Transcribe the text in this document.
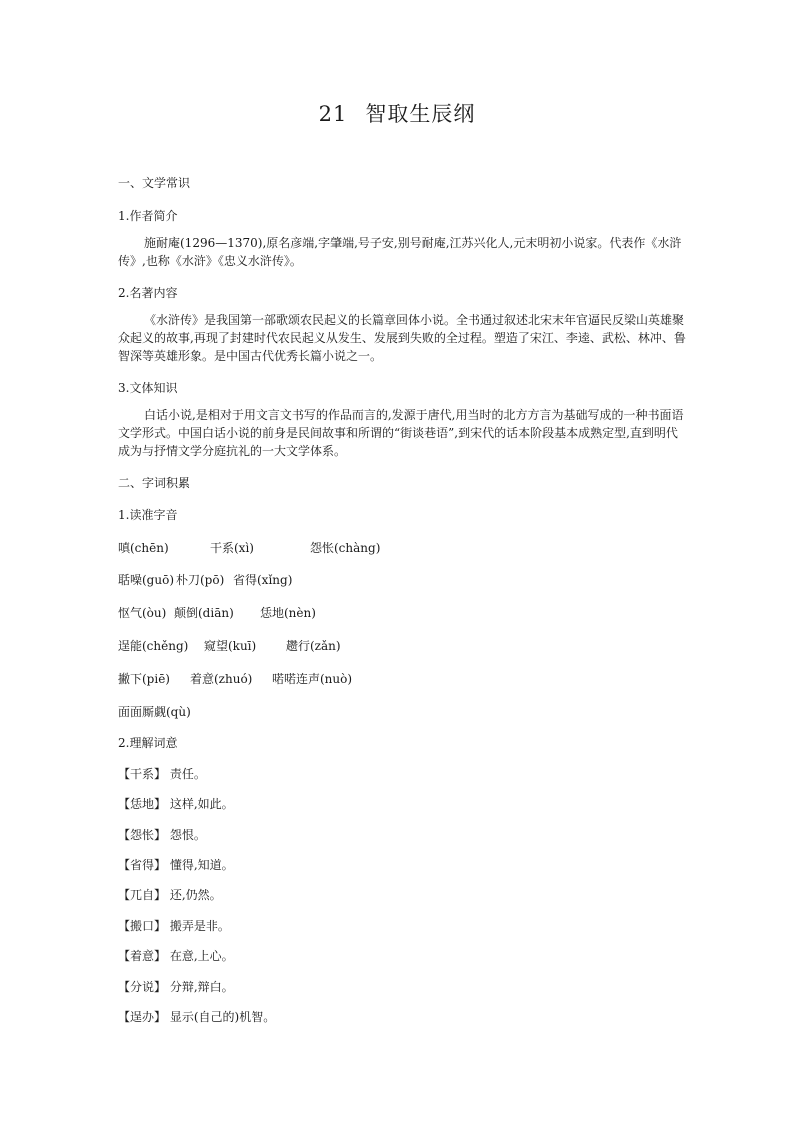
21 智取生辰纲
一、文学常识
1.作者简介
施耐庵(1296—1370),原名彦端,字肇端,号子安,别号耐庵,江苏兴化人,元末明初小说家。代表作《水浒传》,也称《水浒》《忠义水浒传》。
2.名著内容
《水浒传》是我国第一部歌颂农民起义的长篇章回体小说。全书通过叙述北宋末年官逼民反梁山英雄聚众起义的故事,再现了封建时代农民起义从发生、发展到失败的全过程。塑造了宋江、李逵、武松、林冲、鲁智深等英雄形象。是中国古代优秀长篇小说之一。
3.文体知识
白话小说,是相对于用文言文书写的作品而言的,发源于唐代,用当时的北方方言为基础写成的一种书面语文学形式。中国白话小说的前身是民间故事和所谓的“街谈巷语”,到宋代的话本阶段基本成熟定型,直到明代成为与抒情文学分庭抗礼的一大文学体系。
二、字词积累
1.读准字音
嗔(chēn)	干系(xì)	怨怅(chàng)
聒噪(guō) 朴刀(pō) 省得(xǐng)
怄气(òu) 颠倒(diān) 恁地(nèn)
逞能(chěng) 窥望(kuī) 趱行(zǎn)
撇下(piē) 着意(zhuó) 喏喏连声(nuò)
面面厮觑(qù)
2.理解词意
【干系】 责任。
【恁地】 这样,如此。
【怨怅】 怨恨。
【省得】 懂得,知道。
【兀自】 还,仍然。
【搬口】 搬弄是非。
【着意】 在意,上心。
【分说】 分辩,辩白。
【逞办】 显示(自己的)机智。
